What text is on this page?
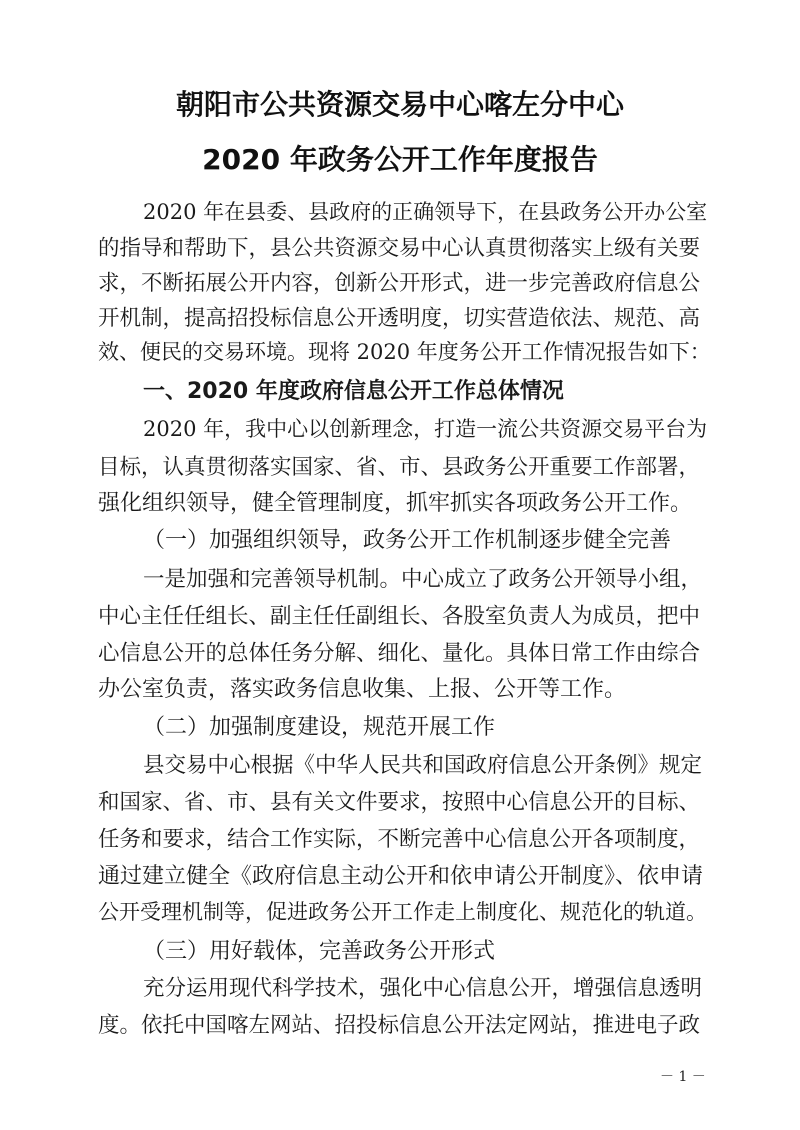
朝阳市公共资源交易中心喀左分中心
2020 年政务公开工作年度报告
2020 年在县委、县政府的正确领导下，在县政务公开办公室
的指导和帮助下，县公共资源交易中心认真贯彻落实上级有关要
求，不断拓展公开内容，创新公开形式，进一步完善政府信息公
开机制，提高招投标信息公开透明度，切实营造依法、规范、高
效、便民的交易环境。现将 2020 年度务公开工作情况报告如下：
一、2020 年度政府信息公开工作总体情况
2020 年，我中心以创新理念，打造一流公共资源交易平台为
目标，认真贯彻落实国家、省、市、县政务公开重要工作部署，
强化组织领导，健全管理制度，抓牢抓实各项政务公开工作。
（一）加强组织领导，政务公开工作机制逐步健全完善
一是加强和完善领导机制。中心成立了政务公开领导小组，
中心主任任组长、副主任任副组长、各股室负责人为成员，把中
心信息公开的总体任务分解、细化、量化。具体日常工作由综合
办公室负责，落实政务信息收集、上报、公开等工作。
（二）加强制度建设，规范开展工作
县交易中心根据《中华人民共和国政府信息公开条例》规定
和国家、省、市、县有关文件要求，按照中心信息公开的目标、
任务和要求，结合工作实际，不断完善中心信息公开各项制度，
通过建立健全《政府信息主动公开和依申请公开制度》、依申请
公开受理机制等，促进政务公开工作走上制度化、规范化的轨道。
（三）用好载体，完善政务公开形式
充分运用现代科学技术，强化中心信息公开，增强信息透明
度。依托中国喀左网站、招投标信息公开法定网站，推进电子政
－ 1 －
